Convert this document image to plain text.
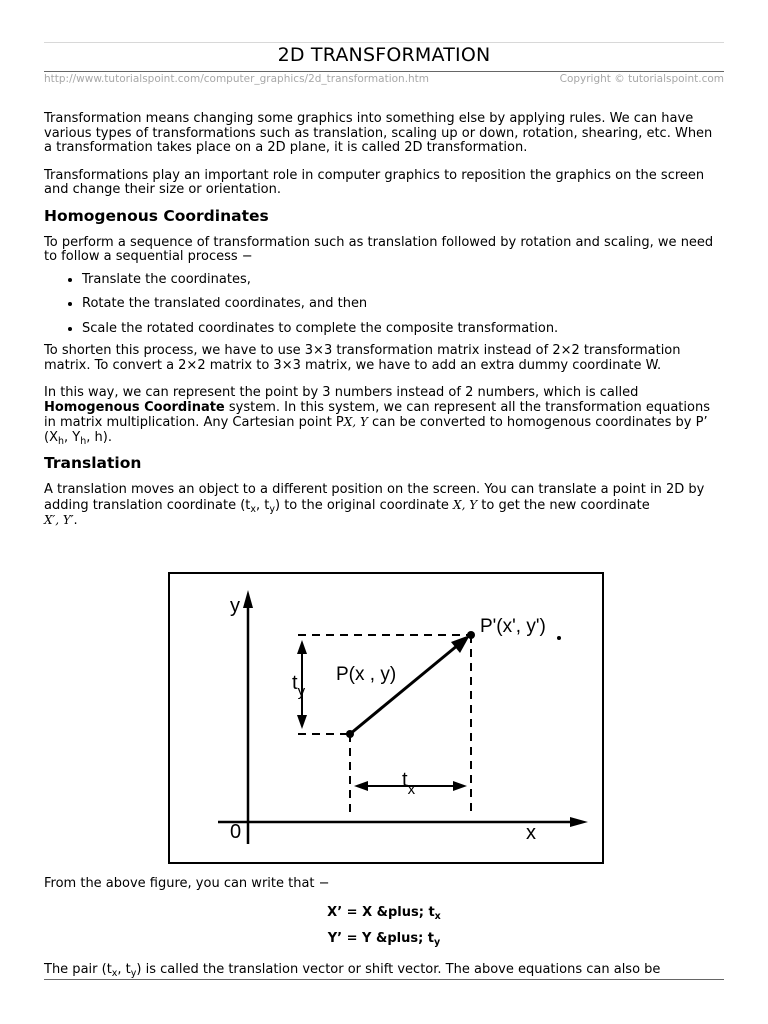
2D TRANSFORMATION
http://www.tutorialspoint.com/computer_graphics/2d_transformation.htm	Copyright © tutorialspoint.com

Transformation means changing some graphics into something else by applying rules. We can have various types of transformations such as translation, scaling up or down, rotation, shearing, etc. When a transformation takes place on a 2D plane, it is called 2D transformation.

Transformations play an important role in computer graphics to reposition the graphics on the screen and change their size or orientation.

Homogenous Coordinates

To perform a sequence of transformation such as translation followed by rotation and scaling, we need to follow a sequential process −

• Translate the coordinates,
• Rotate the translated coordinates, and then
• Scale the rotated coordinates to complete the composite transformation.

To shorten this process, we have to use 3×3 transformation matrix instead of 2×2 transformation matrix. To convert a 2×2 matrix to 3×3 matrix, we have to add an extra dummy coordinate W.

In this way, we can represent the point by 3 numbers instead of 2 numbers, which is called Homogenous Coordinate system. In this system, we can represent all the transformation equations in matrix multiplication. Any Cartesian point PX, Y can be converted to homogenous coordinates by P’ ($X_h$, $Y_h$, h).

Translation

A translation moves an object to a different position on the screen. You can translate a point in 2D by adding translation coordinate ($t_x$, $t_y$) to the original coordinate X, Y to get the new coordinate
X′, Y′.

y
x
0
P(x , y)
P'(x', y')
$t_y$
$t_x$

From the above figure, you can write that −

X’ = X &plus; $t_x$

Y’ = Y &plus; $t_y$

The pair ($t_x$, $t_y$) is called the translation vector or shift vector. The above equations can also be
